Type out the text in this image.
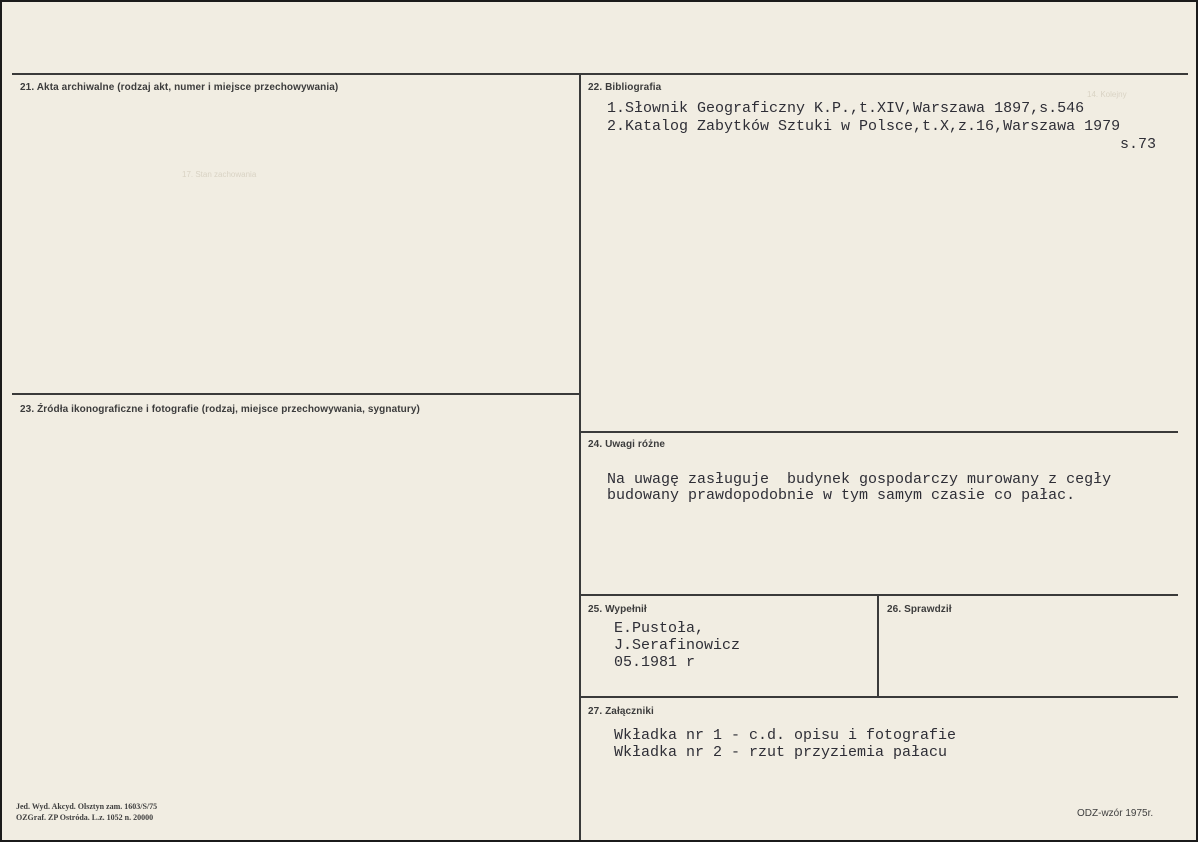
14. Kolejny
17. Stan zachowania
21. Akta archiwalne (rodzaj akt, numer i miejsce przechowywania)	22. Bibliografia
1.Słownik Geograficzny K.P.,t.XIV,Warszawa 1897,s.546
2.Katalog Zabytków Sztuki w Polsce,t.X,z.16,Warszawa 1979
s.73
23. Źródła ikonograficzne i fotografie (rodzaj, miejsce przechowywania, sygnatury)
24. Uwagi różne
Na uwagę zasługuje  budynek gospodarczy murowany z cegły
budowany prawdopodobnie w tym samym czasie co pałac.
25. Wypełnił
E.Pustoła,
J.Serafinowicz
05.1981 r
26. Sprawdził
27. Załączniki
Wkładka nr 1 - c.d. opisu i fotografie
Wkładka nr 2 - rzut przyziemia pałacu
Jed. Wyd. Akcyd. Olsztyn zam. 1603/S/75
OZGraf. ZP Ostróda. L.z. 1052 n. 20000	ODZ-wzór 1975r.
